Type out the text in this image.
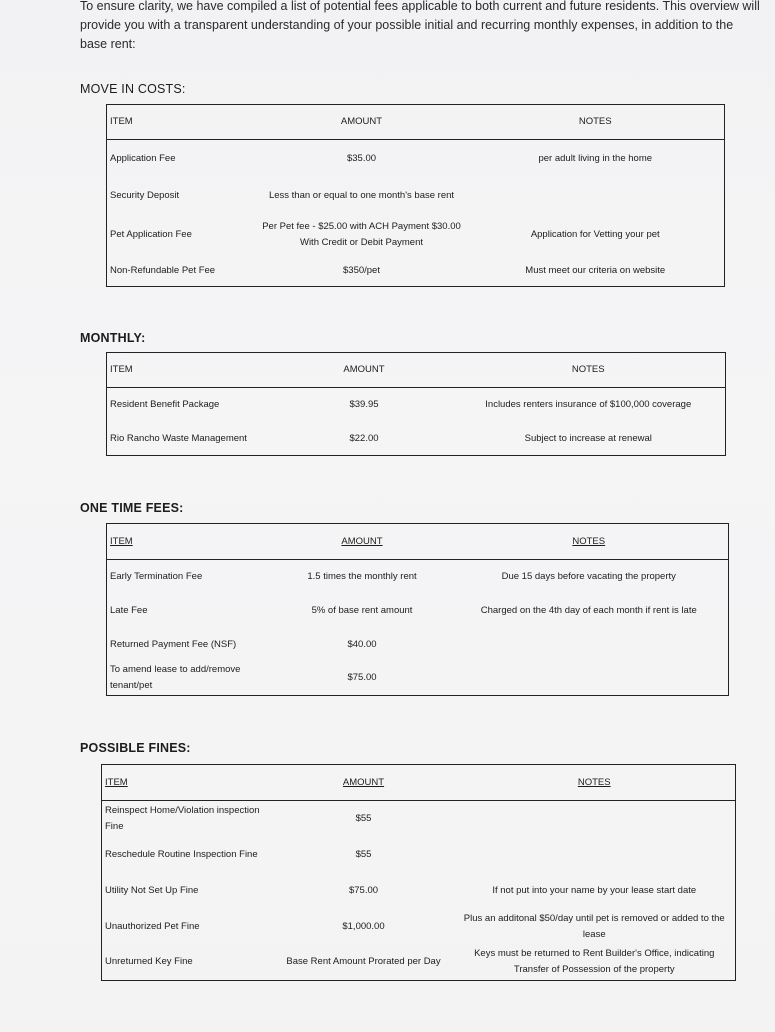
To ensure clarity, we have compiled a list of potential fees applicable to both current and future residents. This overview will provide you with a transparent understanding of your possible initial and recurring monthly expenses, in addition to the base rent:

MOVE IN COSTS:
ITEM	AMOUNT	NOTES
Application Fee	$35.00	per adult living in the home
Security Deposit	Less than or equal to one month's base rent	
Pet Application Fee	Per Pet fee - $25.00 with ACH Payment $30.00 With Credit or Debit Payment	Application for Vetting your pet
Non-Refundable Pet Fee	$350/pet	Must meet our criteria on website
MONTHLY:
ITEM	AMOUNT	NOTES
Resident Benefit Package	$39.95	Includes renters insurance of $100,000 coverage
Rio Rancho Waste Management	$22.00	Subject to increase at renewal
ONE TIME FEES:
ITEM	AMOUNT	NOTES
Early Termination Fee	1.5 times the monthly rent	Due 15 days before vacating the property
Late Fee	5% of base rent amount	Charged on the 4th day of each month if rent is late
Returned Payment Fee (NSF)	$40.00	
To amend lease to add/remove tenant/pet	$75.00	
POSSIBLE FINES:
ITEM	AMOUNT	NOTES
Reinspect Home/Violation inspection Fine	$55	
Reschedule Routine Inspection Fine	$55	
Utility Not Set Up Fine	$75.00	If not put into your name by your lease start date
Unauthorized Pet Fine	$1,000.00	Plus an additonal $50/day until pet is removed or added to the lease
Unreturned Key Fine	Base Rent Amount Prorated per Day	Keys must be returned to Rent Builder's Office, indicating Transfer of Possession of the property
